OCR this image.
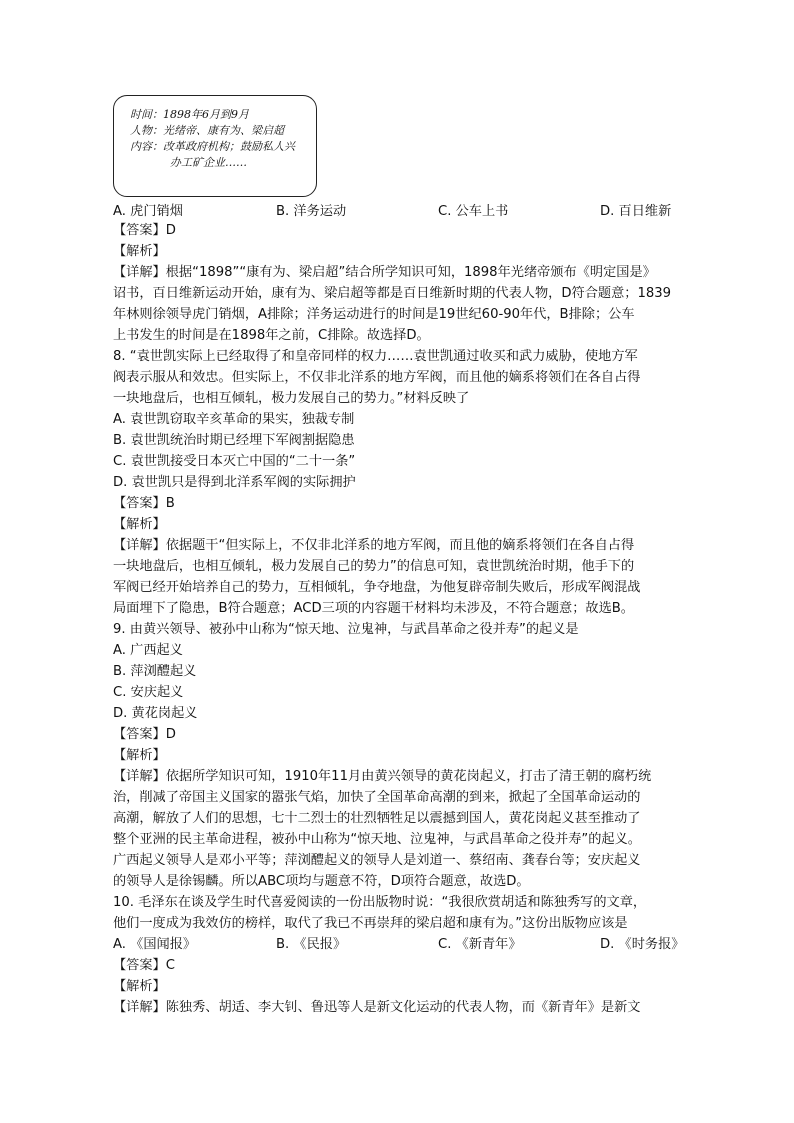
时间：1898年6月到9月
人物：光绪帝、康有为、梁启超
内容：改革政府机构；鼓励私人兴
办工矿企业……
A. 虎门销烟	B. 洋务运动	C. 公车上书	D. 百日维新
【答案】D
【解析】
【详解】根据“1898”“康有为、梁启超”结合所学知识可知，1898年光绪帝颁布《明定国是》
诏书，百日维新运动开始，康有为、梁启超等都是百日维新时期的代表人物，D符合题意；1839
年林则徐领导虎门销烟，A排除；洋务运动进行的时间是19世纪60-90年代，B排除；公车
上书发生的时间是在1898年之前，C排除。故选择D。
8. “袁世凯实际上已经取得了和皇帝同样的权力……袁世凯通过收买和武力威胁，使地方军
阀表示服从和效忠。但实际上，不仅非北洋系的地方军阀，而且他的嫡系将领们在各自占得
一块地盘后，也相互倾轧，极力发展自己的势力。”材料反映了
A. 袁世凯窃取辛亥革命的果实，独裁专制
B. 袁世凯统治时期已经埋下军阀割据隐患
C. 袁世凯接受日本灭亡中国的“二十一条”
D. 袁世凯只是得到北洋系军阀的实际拥护
【答案】B
【解析】
【详解】依据题干“但实际上，不仅非北洋系的地方军阀，而且他的嫡系将领们在各自占得
一块地盘后，也相互倾轧，极力发展自己的势力”的信息可知，袁世凯统治时期，他手下的
军阀已经开始培养自己的势力，互相倾轧，争夺地盘，为他复辟帝制失败后，形成军阀混战
局面埋下了隐患，B符合题意；ACD三项的内容题干材料均未涉及，不符合题意；故选B。
9. 由黄兴领导、被孙中山称为“惊天地、泣鬼神，与武昌革命之役并寿”的起义是
A. 广西起义
B. 萍浏醴起义
C. 安庆起义
D. 黄花岗起义
【答案】D
【解析】
【详解】依据所学知识可知，1910年11月由黄兴领导的黄花岗起义，打击了清王朝的腐朽统
治，削减了帝国主义国家的嚣张气焰，加快了全国革命高潮的到来，掀起了全国革命运动的
高潮，解放了人们的思想，七十二烈士的壮烈牺牲足以震撼到国人，黄花岗起义甚至推动了
整个亚洲的民主革命进程，被孙中山称为“惊天地、泣鬼神，与武昌革命之役并寿”的起义。
广西起义领导人是邓小平等；萍浏醴起义的领导人是刘道一、蔡绍南、龚春台等；安庆起义
的领导人是徐锡麟。所以ABC项均与题意不符，D项符合题意，故选D。
10. 毛泽东在谈及学生时代喜爱阅读的一份出版物时说：“我很欣赏胡适和陈独秀写的文章，
他们一度成为我效仿的榜样，取代了我已不再崇拜的梁启超和康有为。”这份出版物应该是
A. 《国闻报》	B. 《民报》	C. 《新青年》	D. 《时务报》
【答案】C
【解析】
【详解】陈独秀、胡适、李大钊、鲁迅等人是新文化运动的代表人物，而《新青年》是新文
